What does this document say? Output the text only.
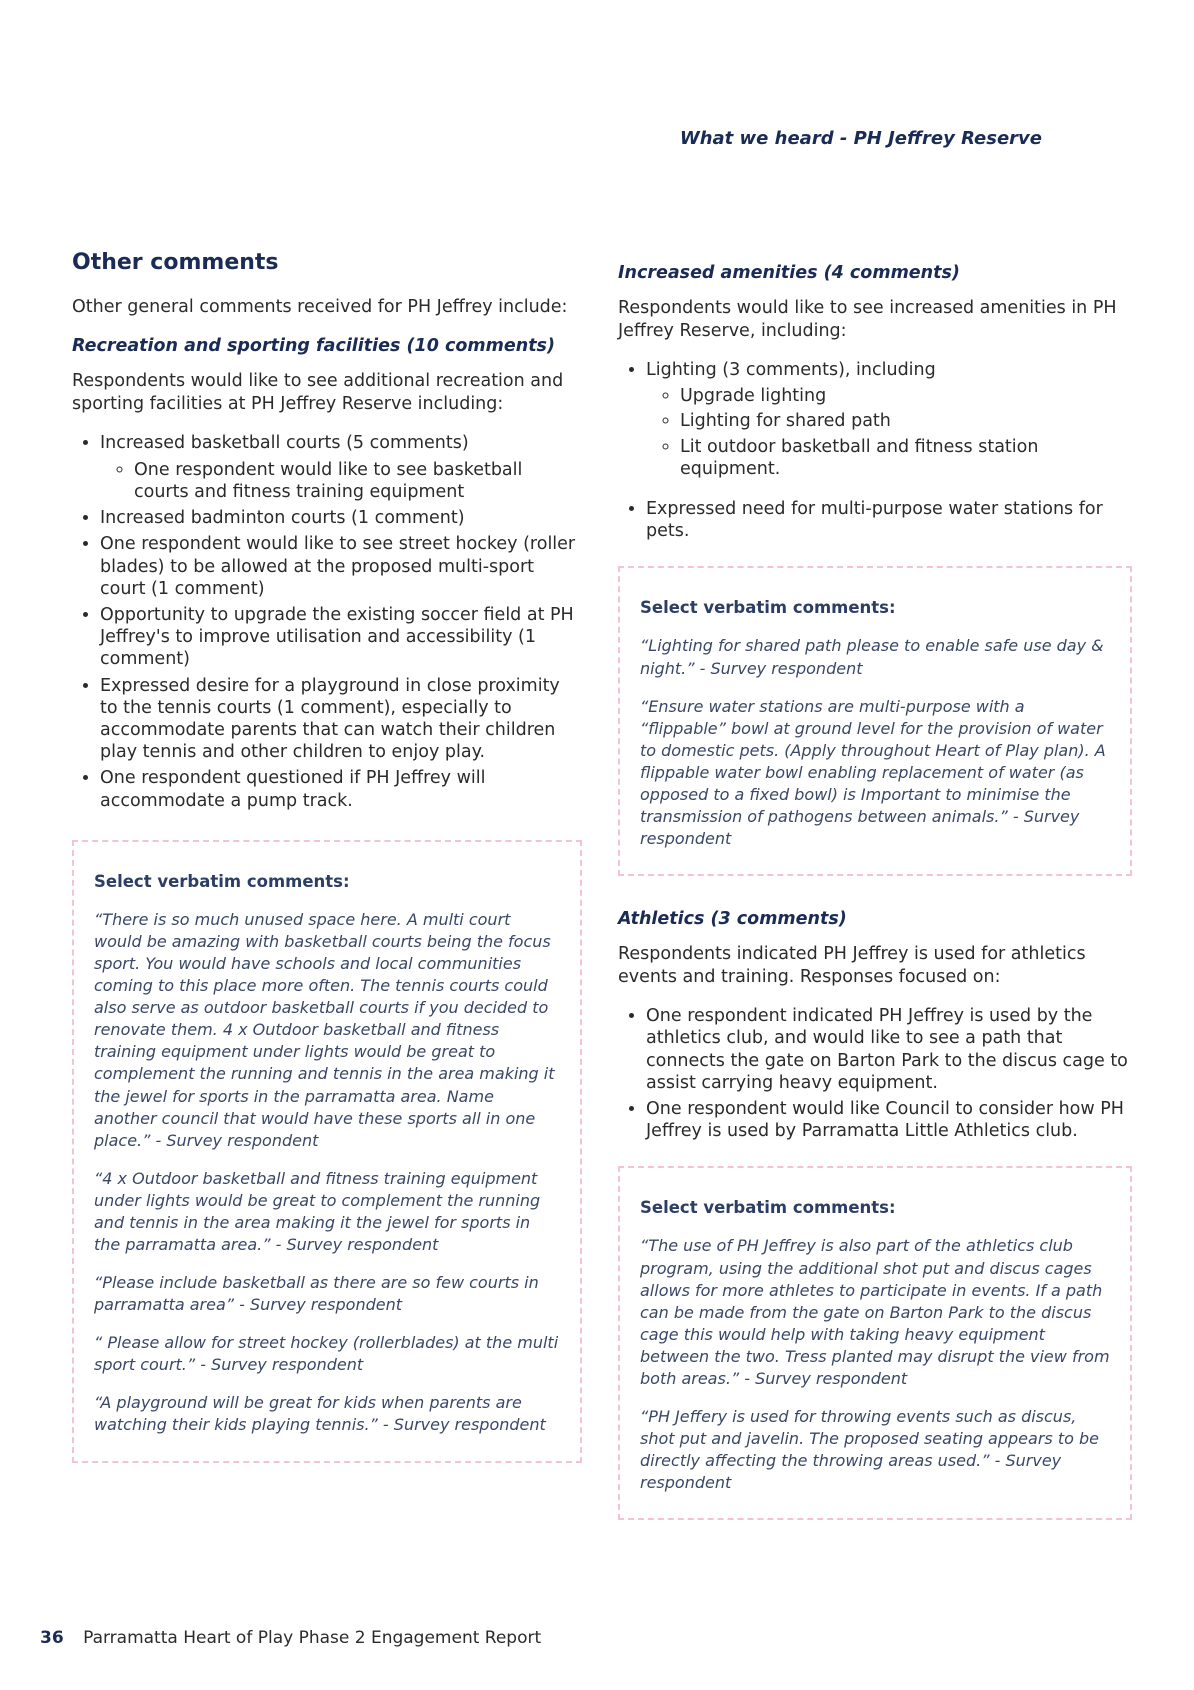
What we heard - PH Jeffrey Reserve

Other comments

Other general comments received for PH Jeffrey include:

Recreation and sporting facilities (10 comments)

Respondents would like to see additional recreation and sporting facilities at PH Jeffrey Reserve including:

• Increased basketball courts (5 comments)
◦ One respondent would like to see basketball courts and fitness training equipment
• Increased badminton courts (1 comment)
• One respondent would like to see street hockey (roller blades) to be allowed at the proposed multi-sport court (1 comment)
• Opportunity to upgrade the existing soccer field at PH Jeffrey's to improve utilisation and accessibility (1 comment)
• Expressed desire for a playground in close proximity to the tennis courts (1 comment), especially to accommodate parents that can watch their children play tennis and other children to enjoy play.
• One respondent questioned if PH Jeffrey will accommodate a pump track.

Select verbatim comments:

“There is so much unused space here. A multi court would be amazing with basketball courts being the focus sport. You would have schools and local communities coming to this place more often. The tennis courts could also serve as outdoor basketball courts if you decided to renovate them. 4 x Outdoor basketball and fitness training equipment under lights would be great to complement the running and tennis in the area making it the jewel for sports in the parramatta area. Name another council that would have these sports all in one place.” - Survey respondent

“4 x Outdoor basketball and fitness training equipment under lights would be great to complement the running and tennis in the area making it the jewel for sports in the parramatta area.” - Survey respondent

“Please include basketball as there are so few courts in parramatta area” - Survey respondent

“ Please allow for street hockey (rollerblades) at the multi sport court.” - Survey respondent

“A playground will be great for kids when parents are watching their kids playing tennis.” - Survey respondent

Increased amenities (4 comments)

Respondents would like to see increased amenities in PH Jeffrey Reserve, including:

• Lighting (3 comments), including
◦ Upgrade lighting
◦ Lighting for shared path
◦ Lit outdoor basketball and fitness station equipment.
• Expressed need for multi-purpose water stations for pets.

Select verbatim comments:

“Lighting for shared path please to enable safe use day & night.” - Survey respondent

“Ensure water stations are multi-purpose with a “flippable” bowl at ground level for the provision of water to domestic pets. (Apply throughout Heart of Play plan). A flippable water bowl enabling replacement of water (as opposed to a fixed bowl) is Important to minimise the transmission of pathogens between animals.” - Survey respondent

Athletics (3 comments)

Respondents indicated PH Jeffrey is used for athletics events and training. Responses focused on:

• One respondent indicated PH Jeffrey is used by the athletics club, and would like to see a path that connects the gate on Barton Park to the discus cage to assist carrying heavy equipment.
• One respondent would like Council to consider how PH Jeffrey is used by Parramatta Little Athletics club.

Select verbatim comments:

“The use of PH Jeffrey is also part of the athletics club program, using the additional shot put and discus cages allows for more athletes to participate in events. If a path can be made from the gate on Barton Park to the discus cage this would help with taking heavy equipment between the two. Tress planted may disrupt the view from both areas.” - Survey respondent

“PH Jeffery is used for throwing events such as discus, shot put and javelin. The proposed seating appears to be directly affecting the throwing areas used.” - Survey respondent

36 Parramatta Heart of Play Phase 2 Engagement Report
